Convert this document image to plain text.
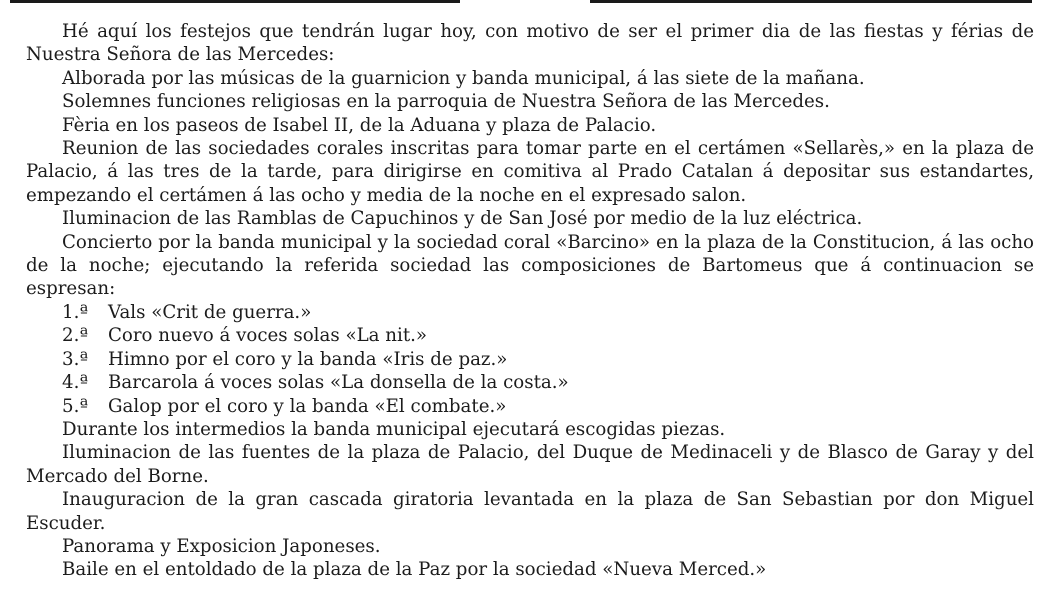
Hé aquí los festejos que tendrán lugar hoy, con motivo de ser el primer dia de las fiestas y férias de Nuestra Señora de las Mercedes:

Alborada por las músicas de la guarnicion y banda municipal, á las siete de la mañana.

Solemnes funciones religiosas en la parroquia de Nuestra Señora de las Mercedes.

Fèria en los paseos de Isabel II, de la Aduana y plaza de Palacio.

Reunion de las sociedades corales inscritas para tomar parte en el certámen «Sellarès,» en la plaza de Palacio, á las tres de la tarde, para dirigirse en comitiva al Prado Catalan á depositar sus estandartes, empezando el certámen á las ocho y media de la noche en el expresado salon.

Iluminacion de las Ramblas de Capuchinos y de San José por medio de la luz eléctrica.

Concierto por la banda municipal y la sociedad coral «Barcino» en la plaza de la Constitucion, á las ocho de la noche; ejecutando la referida sociedad las composiciones de Bartomeus que á continuacion se espresan:

1.ª Vals «Crit de guerra.»
2.ª Coro nuevo á voces solas «La nit.»
3.ª Himno por el coro y la banda «Iris de paz.»
4.ª Barcarola á voces solas «La donsella de la costa.»
5.ª Galop por el coro y la banda «El combate.»

Durante los intermedios la banda municipal ejecutará escogidas piezas.

Iluminacion de las fuentes de la plaza de Palacio, del Duque de Medinaceli y de Blasco de Garay y del Mercado del Borne.

Inauguracion de la gran cascada giratoria levantada en la plaza de San Sebastian por don Miguel Escuder.

Panorama y Exposicion Japoneses.

Baile en el entoldado de la plaza de la Paz por la sociedad «Nueva Merced.»
